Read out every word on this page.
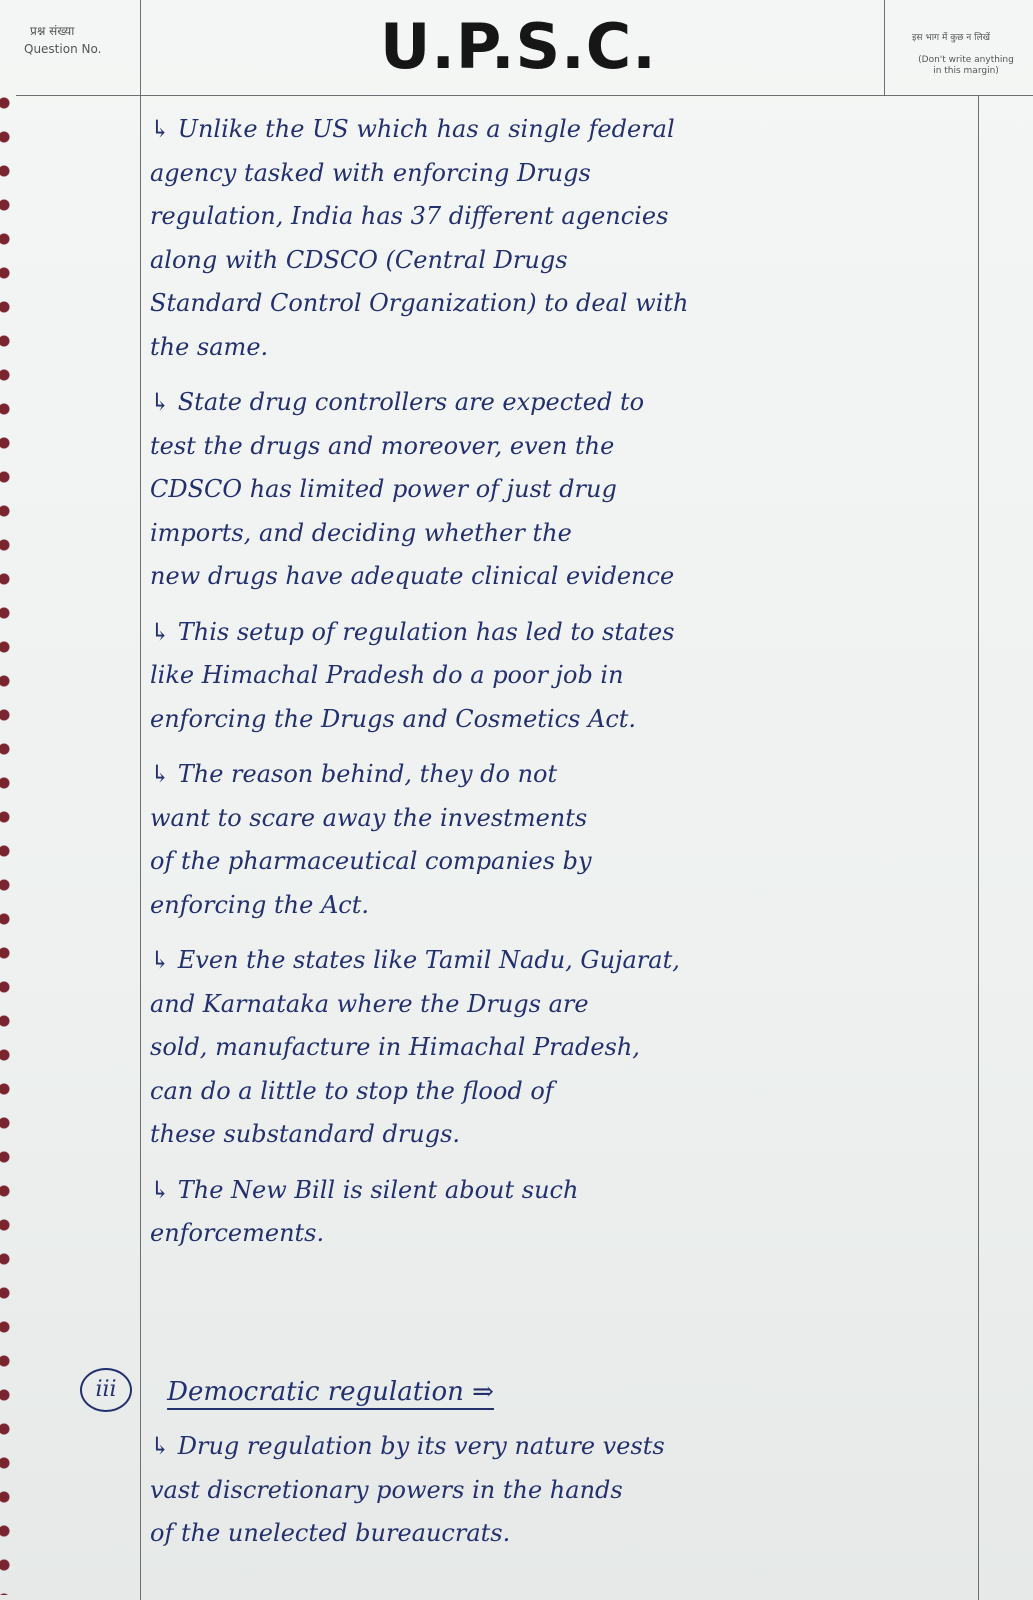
प्रश्न संख्या
Question No.	U.P.S.C.	इस भाग में कुछ न लिखें
(Don't write anything in this margin)
↳ Unlike the US which has a single federal
agency tasked with enforcing Drugs
regulation, India has 37 different agencies
along with CDSCO (Central Drugs
Standard Control Organization) to deal with
the same.
↳ State drug controllers are expected to
test the drugs and moreover, even the
CDSCO has limited power of just drug
imports, and deciding whether the
new drugs have adequate clinical evidence
↳ This setup of regulation has led to states
like Himachal Pradesh do a poor job in
enforcing the Drugs and Cosmetics Act.
↳ The reason behind, they do not
want to scare away the investments
of the pharmaceutical companies by
enforcing the Act.
↳ Even the states like Tamil Nadu, Gujarat,
and Karnataka where the Drugs are
sold, manufacture in Himachal Pradesh,
can do a little to stop the flood of
these substandard drugs.
↳ The New Bill is silent about such
enforcements.
iii Democratic regulation ⇒
↳ Drug regulation by its very nature vests
vast discretionary powers in the hands
of the unelected bureaucrats.
